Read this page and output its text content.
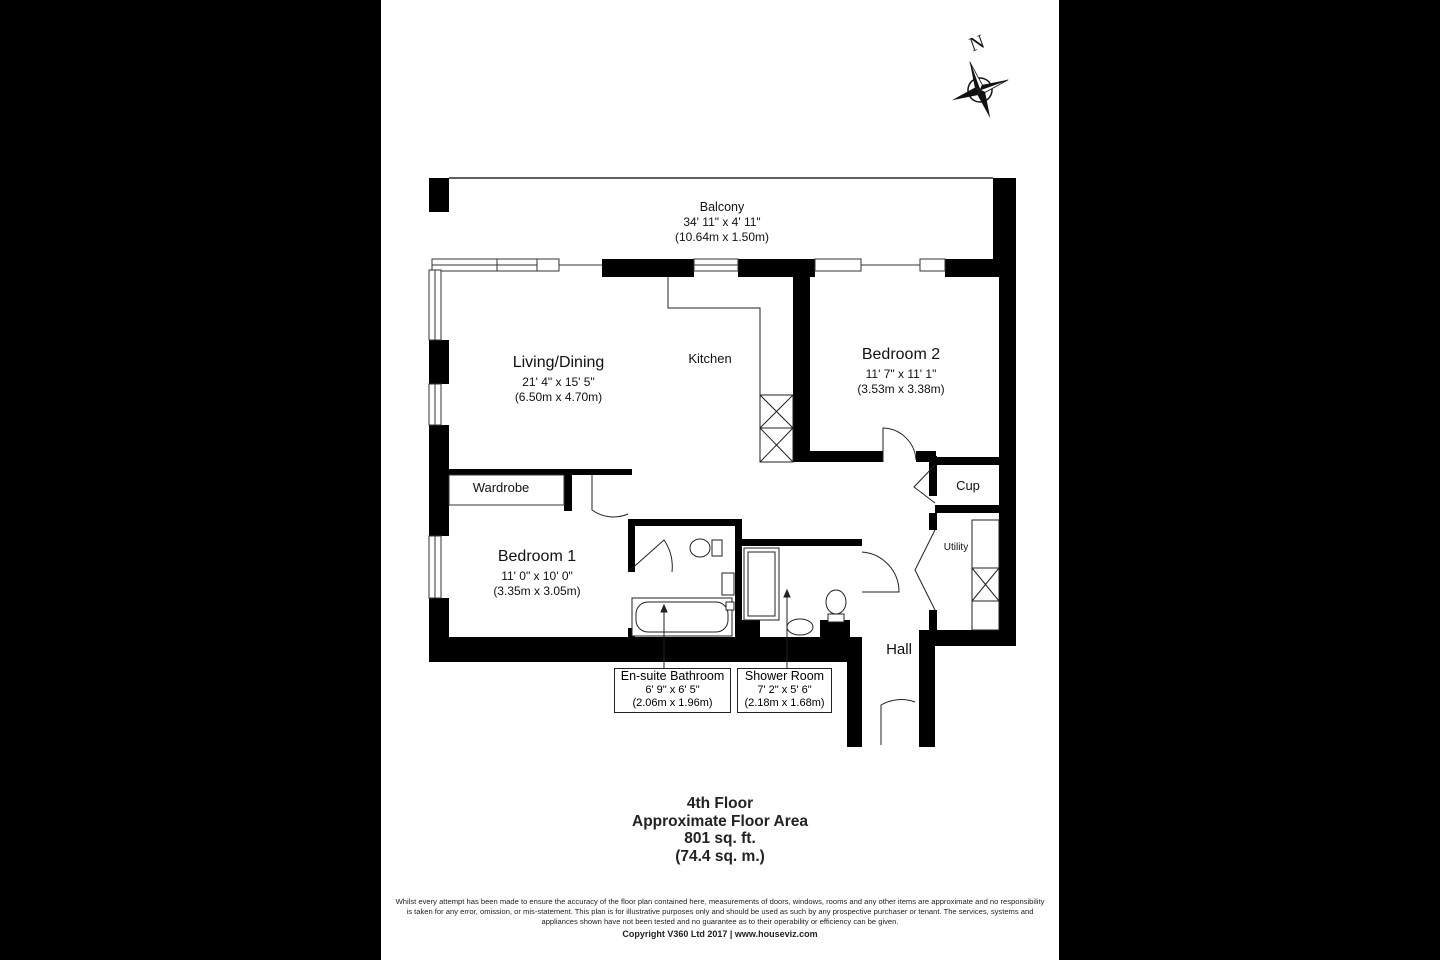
N
Balcony
34' 11" x 4' 11"
(10.64m x 1.50m)
Living/Dining
21' 4" x 15' 5"
(6.50m x 4.70m)
Kitchen	Bedroom 2
11' 7" x 11' 1"
(3.53m x 3.38m)
Wardrobe
Bedroom 1
11' 0" x 10' 0"
(3.35m x 3.05m)
Cup
Utility
Hall
En-suite Bathroom
6' 9" x 6' 5"
(2.06m x 1.96m)
Shower Room
7' 2" x 5' 6"
(2.18m x 1.68m)
4th Floor
Approximate Floor Area
801 sq. ft.
(74.4 sq. m.)
Whilst every attempt has been made to ensure the accuracy of the floor plan contained here, measurements of doors, windows, rooms and any other items are approximate and no responsibility is taken for any error, omission, or mis-statement. This plan is for illustrative purposes only and should be used as such by any prospective purchaser or tenant. The services, systems and appliances shown have not been tested and no guarantee as to their operability or efficiency can be given.
Copyright V360 Ltd 2017 | www.houseviz.com
